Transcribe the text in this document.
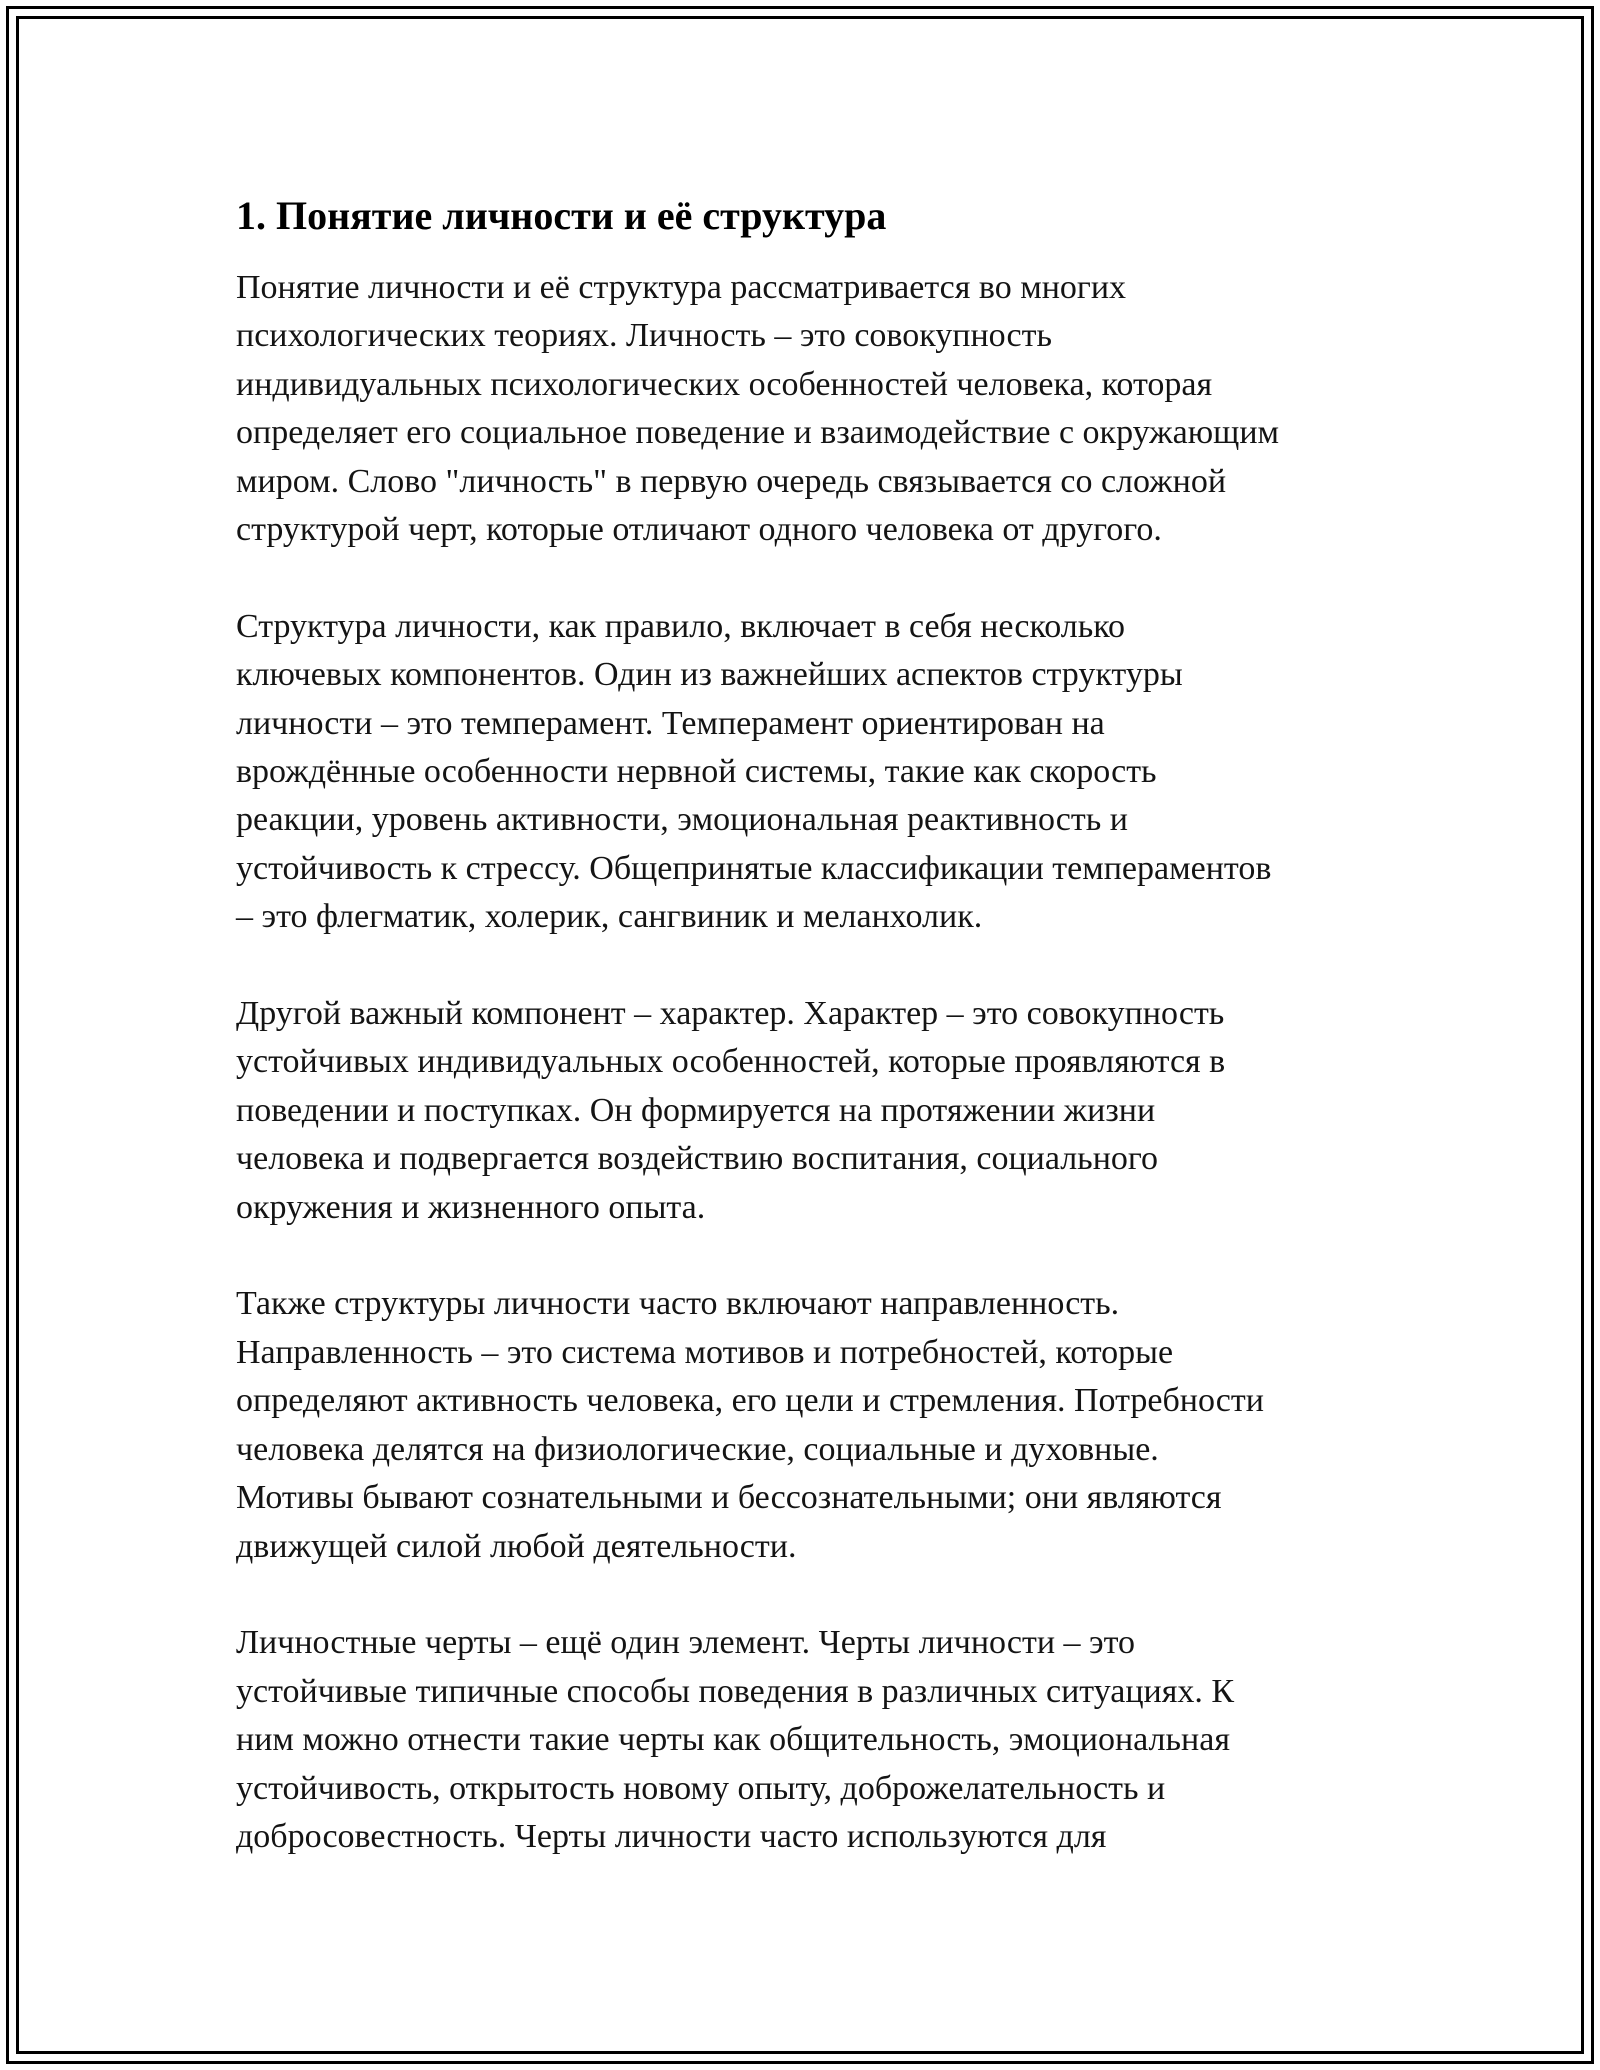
1. Понятие личности и её структура
Понятие личности и её структура рассматривается во многих
психологических теориях. Личность – это совокупность
индивидуальных психологических особенностей человека, которая
определяет его социальное поведение и взаимодействие с окружающим
миром. Слово "личность" в первую очередь связывается со сложной
структурой черт, которые отличают одного человека от другого.
Структура личности, как правило, включает в себя несколько
ключевых компонентов. Один из важнейших аспектов структуры
личности – это темперамент. Темперамент ориентирован на
врождённые особенности нервной системы, такие как скорость
реакции, уровень активности, эмоциональная реактивность и
устойчивость к стрессу. Общепринятые классификации темпераментов
– это флегматик, холерик, сангвиник и меланхолик.
Другой важный компонент – характер. Характер – это совокупность
устойчивых индивидуальных особенностей, которые проявляются в
поведении и поступках. Он формируется на протяжении жизни
человека и подвергается воздействию воспитания, социального
окружения и жизненного опыта.
Также структуры личности часто включают направленность.
Направленность – это система мотивов и потребностей, которые
определяют активность человека, его цели и стремления. Потребности
человека делятся на физиологические, социальные и духовные.
Мотивы бывают сознательными и бессознательными; они являются
движущей силой любой деятельности.
Личностные черты – ещё один элемент. Черты личности – это
устойчивые типичные способы поведения в различных ситуациях. К
ним можно отнести такие черты как общительность, эмоциональная
устойчивость, открытость новому опыту, доброжелательность и
добросовестность. Черты личности часто используются для
